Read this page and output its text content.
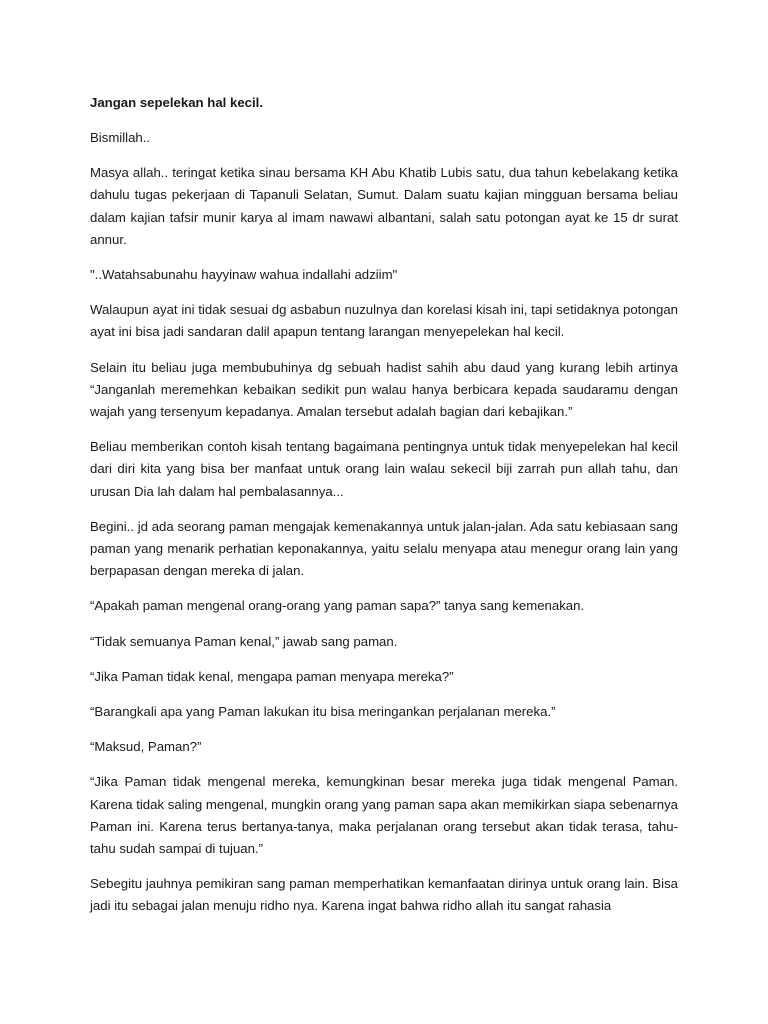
Jangan sepelekan hal kecil.

Bismillah..

Masya allah.. teringat ketika sinau bersama KH Abu Khatib Lubis satu, dua tahun kebelakang ketika dahulu tugas pekerjaan di Tapanuli Selatan, Sumut. Dalam suatu kajian mingguan bersama beliau dalam kajian tafsir munir karya al imam nawawi albantani, salah satu potongan ayat ke 15 dr surat annur.

"..Watahsabunahu hayyinaw wahua indallahi adziim"

Walaupun ayat ini tidak sesuai dg asbabun nuzulnya dan korelasi kisah ini, tapi setidaknya potongan ayat ini bisa jadi sandaran dalil apapun tentang larangan menyepelekan hal kecil.

Selain itu beliau juga membubuhinya dg sebuah hadist sahih abu daud yang kurang lebih artinya “Janganlah meremehkan kebaikan sedikit pun walau hanya berbicara kepada saudaramu dengan wajah yang tersenyum kepadanya. Amalan tersebut adalah bagian dari kebajikan.”

Beliau memberikan contoh kisah tentang bagaimana pentingnya untuk tidak menyepelekan hal kecil dari diri kita yang bisa ber manfaat untuk orang lain walau sekecil biji zarrah pun allah tahu, dan urusan Dia lah dalam hal pembalasannya...

Begini.. jd ada seorang paman mengajak kemenakannya untuk jalan-jalan. Ada satu kebiasaan sang paman yang menarik perhatian keponakannya, yaitu selalu menyapa atau menegur orang lain yang berpapasan dengan mereka di jalan.

“Apakah paman mengenal orang-orang yang paman sapa?” tanya sang kemenakan.

“Tidak semuanya Paman kenal,” jawab sang paman.

“Jika Paman tidak kenal, mengapa paman menyapa mereka?”

“Barangkali apa yang Paman lakukan itu bisa meringankan perjalanan mereka.”

“Maksud, Paman?”

“Jika Paman tidak mengenal mereka, kemungkinan besar mereka juga tidak mengenal Paman. Karena tidak saling mengenal, mungkin orang yang paman sapa akan memikirkan siapa sebenarnya Paman ini. Karena terus bertanya-tanya, maka perjalanan orang tersebut akan tidak terasa, tahu-tahu sudah sampai di tujuan.”

Sebegitu jauhnya pemikiran sang paman memperhatikan kemanfaatan dirinya untuk orang lain. Bisa jadi itu sebagai jalan menuju ridho nya. Karena ingat bahwa ridho allah itu sangat rahasia
